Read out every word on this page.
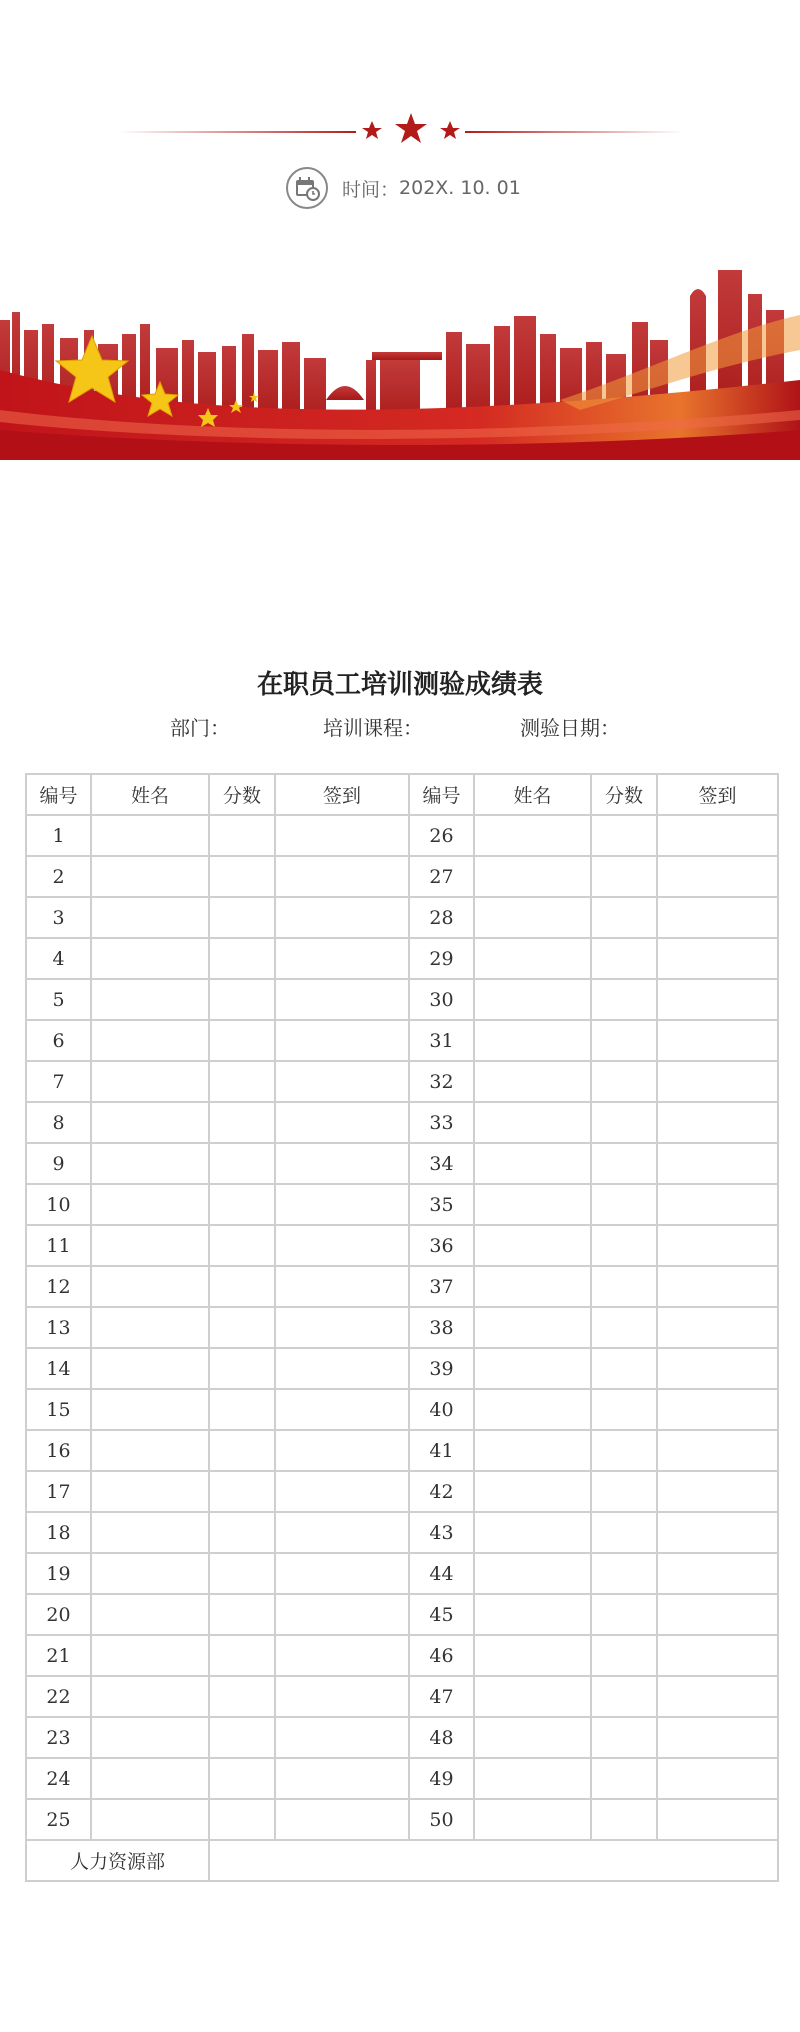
时间： 202X. 10. 01
在职员工培训测验成绩表
部门：	培训课程：	测验日期：
编号	姓名	分数	签到	编号	姓名	分数	签到
1				26			
2				27			
3				28			
4				29			
5				30			
6				31			
7				32			
8				33			
9				34			
10				35			
11				36			
12				37			
13				38			
14				39			
15				40			
16				41			
17				42			
18				43			
19				44			
20				45			
21				46			
22				47			
23				48			
24				49			
25				50			
人力资源部							
